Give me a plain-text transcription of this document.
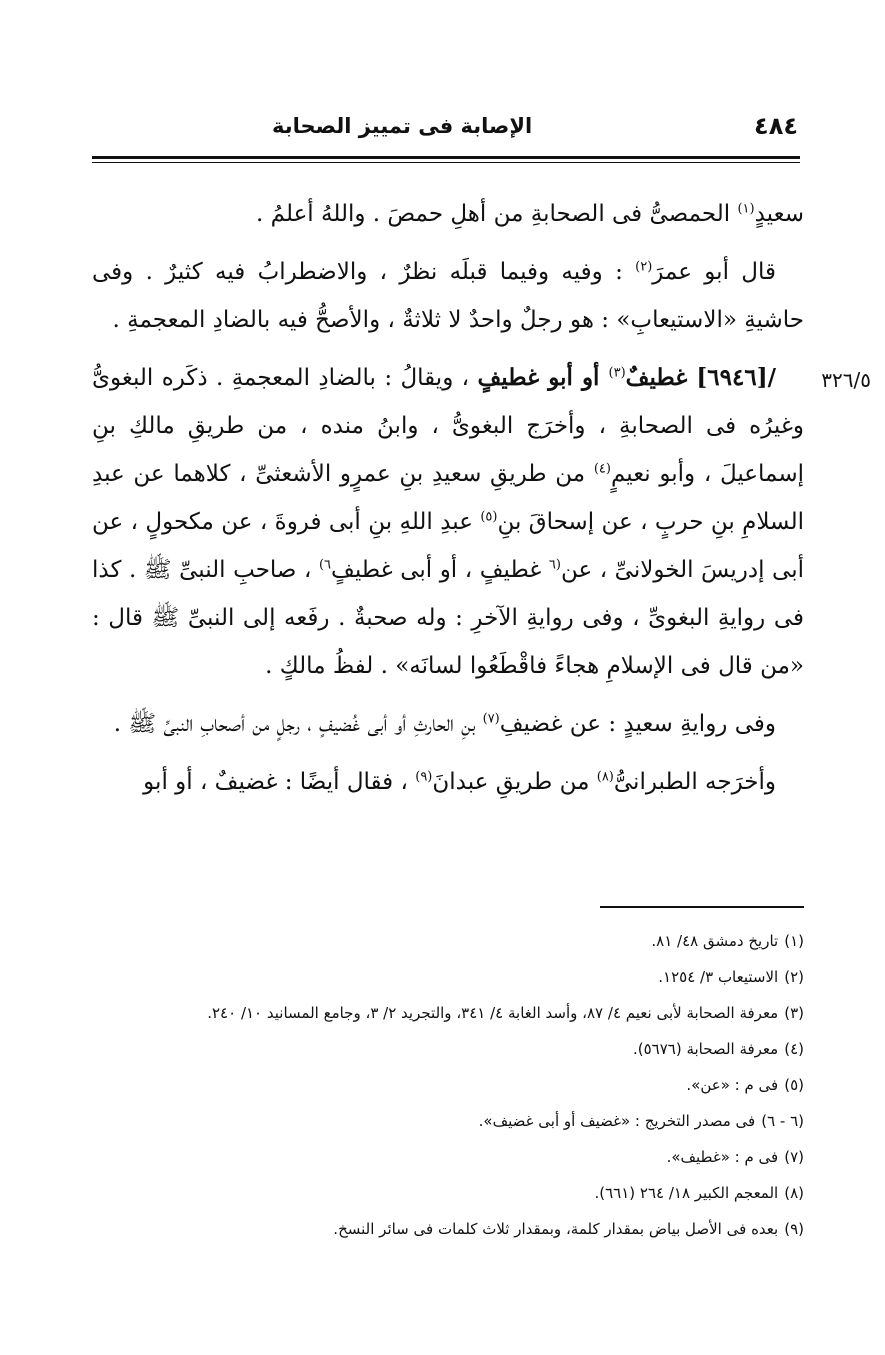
٤٨٤
الإصابة فى تمييز الصحابة
٣٢٦/٥

سعيدٍ$^{(١)}$ الحمصىُّ فى الصحابةِ من أهلِ حمصَ . واللهُ أعلمُ .

قال أبو عمرَ$^{(٢)}$ : وفيه وفيما قبلَه نظرٌ ، والاضطرابُ فيه كثيرٌ . وفى حاشيةِ «الاستيعابِ» : هو رجلٌ واحدٌ لا ثلاثةٌ ، والأصحُّ فيه بالضادِ المعجمةِ .

/[٦٩٤٦] غطيفٌ$^{(٣)}$ أو أبو غطيفٍ ، ويقالُ : بالضادِ المعجمةِ . ذكَره البغوىُّ وغيرُه فى الصحابةِ ، وأخرَج البغوىُّ ، وابنُ منده ، من طريقِ مالكِ بنِ إسماعيلَ ، وأبو نعيمٍ$^{(٤)}$ من طريقِ سعيدِ بنِ عمرٍو الأشعثىِّ ، كلاهما عن عبدِ السلامِ بنِ حربٍ ، عن إسحاقَ بنِ$^{(٥)}$ عبدِ اللهِ بنِ أبى فروةَ ، عن مكحولٍ ، عن أبى إدريسَ الخولانىِّ ، عن$^{(٦}$ غطيفٍ ، أو أبى غطيفٍ$^{٦)}$ ، صاحبِ النبىِّ ﷺ . كذا فى روايةِ البغوىِّ ، وفى روايةِ الآخرِ : وله صحبةٌ . رفَعه إلى النبىِّ ﷺ قال : «من قال فى الإسلامِ هجاءً فاقْطَعُوا لسانَه» . لفظُ مالكٍ .

وفى روايةِ سعيدٍ : عن غضيفِ$^{(٧)}$ بنِ الحارثِ أو أبى غُضيفٍ ، رجلٍ من أصحابِ النبىِّ ﷺ .

وأخرَجه الطبرانىُّ$^{(٨)}$ من طريقِ عبدانَ$^{(٩)}$ ، فقال أيضًا : غضيفٌ ، أو أبو

(١)تاريخ دمشق ٤٨/ ٨١.
(٢)الاستيعاب ٣/ ١٢٥٤.
(٣)معرفة الصحابة لأبى نعيم ٤/ ٨٧، وأسد الغابة ٤/ ٣٤١، والتجريد ٢/ ٣، وجامع المسانيد ١٠/ ٢٤٠.
(٤)معرفة الصحابة (٥٦٧٦).
(٥)فى م : «عن».
(٦ - ٦)فى مصدر التخريج : «غضيف أو أبى غضيف».
(٧)فى م : «غطيف».
(٨)المعجم الكبير ١٨/ ٢٦٤ (٦٦١).
(٩)بعده فى الأصل بياض بمقدار كلمة، وبمقدار ثلاث كلمات فى سائر النسخ.
